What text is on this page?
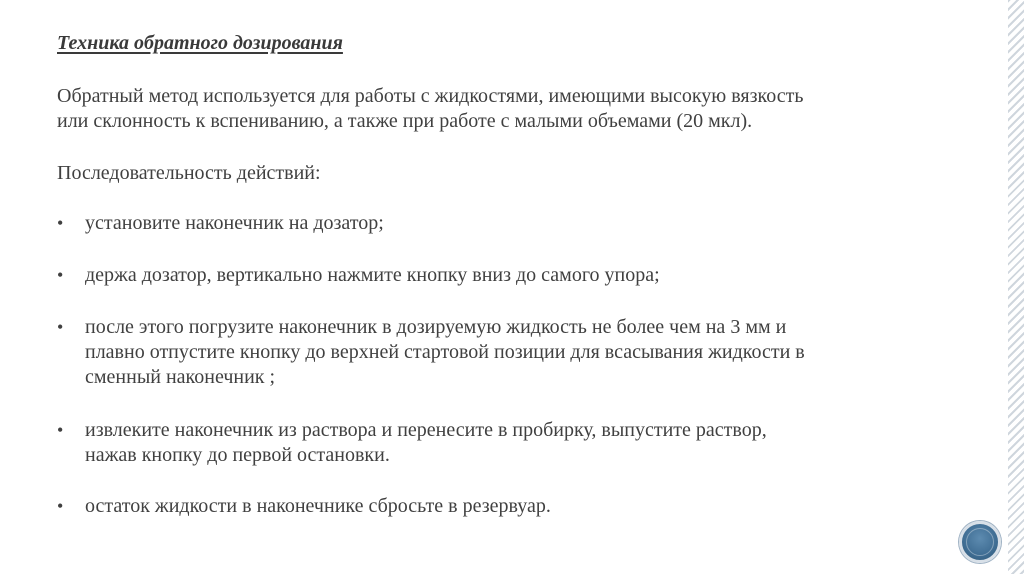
Техника обратного дозирования

Обратный метод используется для работы с жидкостями, имеющими высокую вязкость
или склонность к вспениванию, а также при работе с малыми объемами (20 мкл).

Последовательность действий:

• установите наконечник на дозатор;
• держа дозатор, вертикально нажмите кнопку вниз до самого упора;
• после этого погрузите наконечник в дозируемую жидкость не более чем на 3 мм и
плавно отпустите кнопку до верхней стартовой позиции для всасывания жидкости в
сменный наконечник ;
• извлеките наконечник из раствора и перенесите в пробирку, выпустите раствор,
нажав кнопку до первой остановки.
• остаток жидкости в наконечнике сбросьте в резервуар.
